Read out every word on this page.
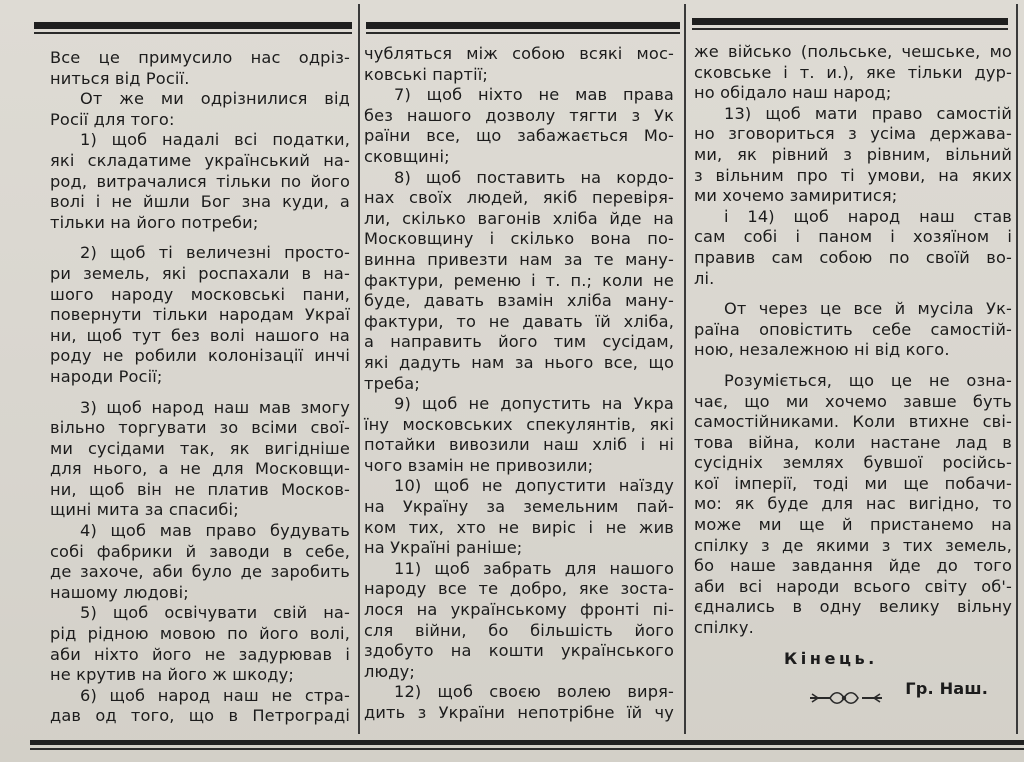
Все це примусило нас одріз-
ниться від Росії.
От же ми одрізнилися від
Росії для того:
1) щоб надалі всі податки,
які складатиме український на-
род, витрачалися тільки по його
волі і не йшли Бог зна куди, а
тільки на його потреби;
2) щоб ті величезні просто-
ри земель, які роспахали в на-
шого народу московські пани,
повернути тільки народам Украї
ни, щоб тут без волі нашого на
роду не робили колонізації инчі
народи Росії;
3) щоб народ наш мав змогу
вільно торгувати зо всіми свої-
ми сусідами так, як вигідніше
для нього, а не для Московщи-
ни, щоб він не платив Москов-
щині мита за спасибі;
4) щоб мав право будувать
собі фабрики й заводи в себе,
де захоче, аби було де заробить
нашому людові;
5) щоб освічувати свій на-
рід рідною мовою по його волі,
аби ніхто його не задурював і
не крутив на його ж шкоду;
6) щоб народ наш не стра-
дав од того, що в Петрограді
чубляться між собою всякі мос-
ковські партії;
7) щоб ніхто не мав права
без нашого дозволу тягти з Ук
раїни все, що забажається Мо-
сковщині;
8) щоб поставить на кордо-
нах своїх людей, якіб перевіря-
ли, скілько вагонів хліба йде на
Московщину і скілько вона по-
винна привезти нам за те ману-
фактури, ременю і т. п.; коли не
буде, давать взамін хліба ману-
фактури, то не давать їй хліба,
а направить його тим сусідам,
які дадуть нам за нього все, що
треба;
9) щоб не допустить на Укра
їну московських спекулянтів, які
потайки вивозили наш хліб і ні
чого взамін не привозили;
10) щоб не допустити наїзду
на Україну за земельним пай-
ком тих, хто не виріс і не жив
на Україні раніше;
11) щоб забрать для нашого
народу все те добро, яке зоста-
лося на українському фронті пі-
сля війни, бо більшість його
здобуто на кошти українського
люду;
12) щоб своєю волею виря-
дить з України непотрібне їй чу
же військо (польське, чешське, мо
сковське і т. и.), яке тільки дур-
но обідало наш народ;
13) щоб мати право самостій
но зговориться з усіма держава-
ми, як рівний з рівним, вільний
з вільним про ті умови, на яких
ми хочемо замиритися;
і 14) щоб народ наш став
сам собі і паном і хозяїном і
правив сам собою по своїй во-
лі.
От через це все й мусіла Ук-
раїна оповістить себе самостій-
ною, незалежною ні від кого.
Розуміється, що це не озна-
чає, що ми хочемо завше буть
самостійниками. Коли втихне сві-
това війна, коли настане лад в
сусідніх землях бувшої російсь-
кої імперії, тоді ми ще побачи-
мо: як буде для нас вигідно, то
може ми ще й пристанемо на
спілку з де якими з тих земель,
бо наше завдання йде до того
аби всі народи всього світу об'-
єднались в одну велику вільну
спілку.
Кінець.
Гр. Наш.
